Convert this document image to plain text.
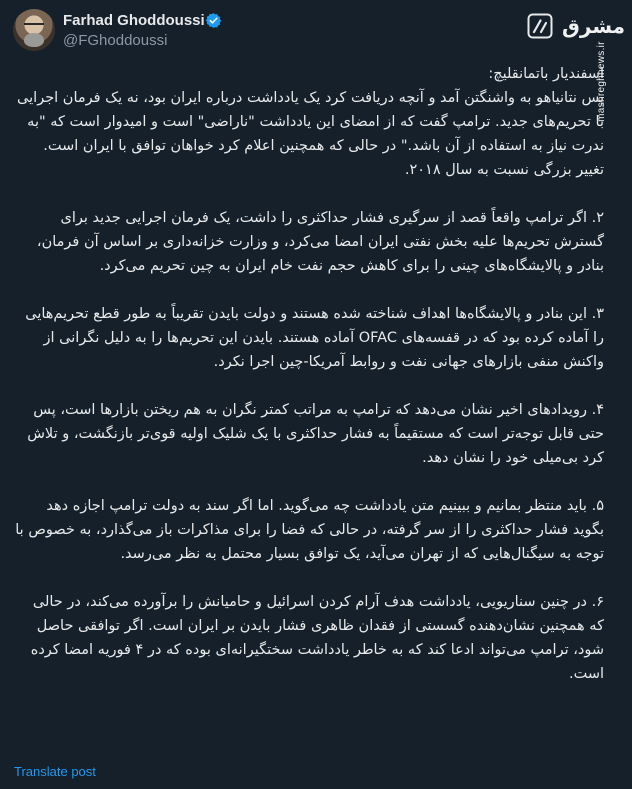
Farhad Ghoddoussi
@FGhoddoussi
مشرق
mashreghnews.ir

اسفندیار باتمانقلیچ:
پس نتانیاهو به واشنگتن آمد و آنچه دریافت کرد یک یادداشت درباره ایران بود، نه یک فرمان اجرایی با تحریم‌های جدید. ترامپ گفت که از امضای این یادداشت "ناراضی" است و امیدوار است که "به ندرت نیاز به استفاده از آن باشد." در حالی که همچنین اعلام کرد خواهان توافق با ایران است. تغییر بزرگی نسبت به سال ۲۰۱۸.

۲. اگر ترامپ واقعاً قصد از سرگیری فشار حداکثری را داشت، یک فرمان اجرایی جدید برای گسترش تحریم‌ها علیه بخش نفتی ایران امضا می‌کرد، و وزارت خزانه‌داری بر اساس آن فرمان، بنادر و پالایشگاه‌های چینی را برای کاهش حجم نفت خام ایران به چین تحریم می‌کرد.

۳. این بنادر و پالایشگاه‌ها اهداف شناخته شده هستند و دولت بایدن تقریباً به طور قطع تحریم‌هایی را آماده کرده بود که در قفسه‌های OFAC آماده هستند. بایدن این تحریم‌ها را به دلیل نگرانی از واکنش منفی بازارهای جهانی نفت و روابط آمریکا-چین اجرا نکرد.

۴. رویدادهای اخیر نشان می‌دهد که ترامپ به مراتب کمتر نگران به هم ریختن بازارها است، پس حتی قابل توجه‌تر است که مستقیماً به فشار حداکثری با یک شلیک اولیه قوی‌تر بازنگشت، و تلاش کرد بی‌میلی خود را نشان دهد.

۵. باید منتظر بمانیم و ببینیم متن یادداشت چه می‌گوید. اما اگر سند به دولت ترامپ اجازه دهد بگوید فشار حداکثری را از سر گرفته، در حالی که فضا را برای مذاکرات باز می‌گذارد، به خصوص با توجه به سیگنال‌هایی که از تهران می‌آید، یک توافق بسیار محتمل به نظر می‌رسد.

۶. در چنین سناریویی، یادداشت هدف آرام کردن اسرائیل و حامیانش را برآورده می‌کند، در حالی که همچنین نشان‌دهنده گسستی از فقدان ظاهری فشار بایدن بر ایران است. اگر توافقی حاصل شود، ترامپ می‌تواند ادعا کند که به خاطر یادداشت سختگیرانه‌ای بوده که در ۴ فوریه امضا کرده است.

Translate post
